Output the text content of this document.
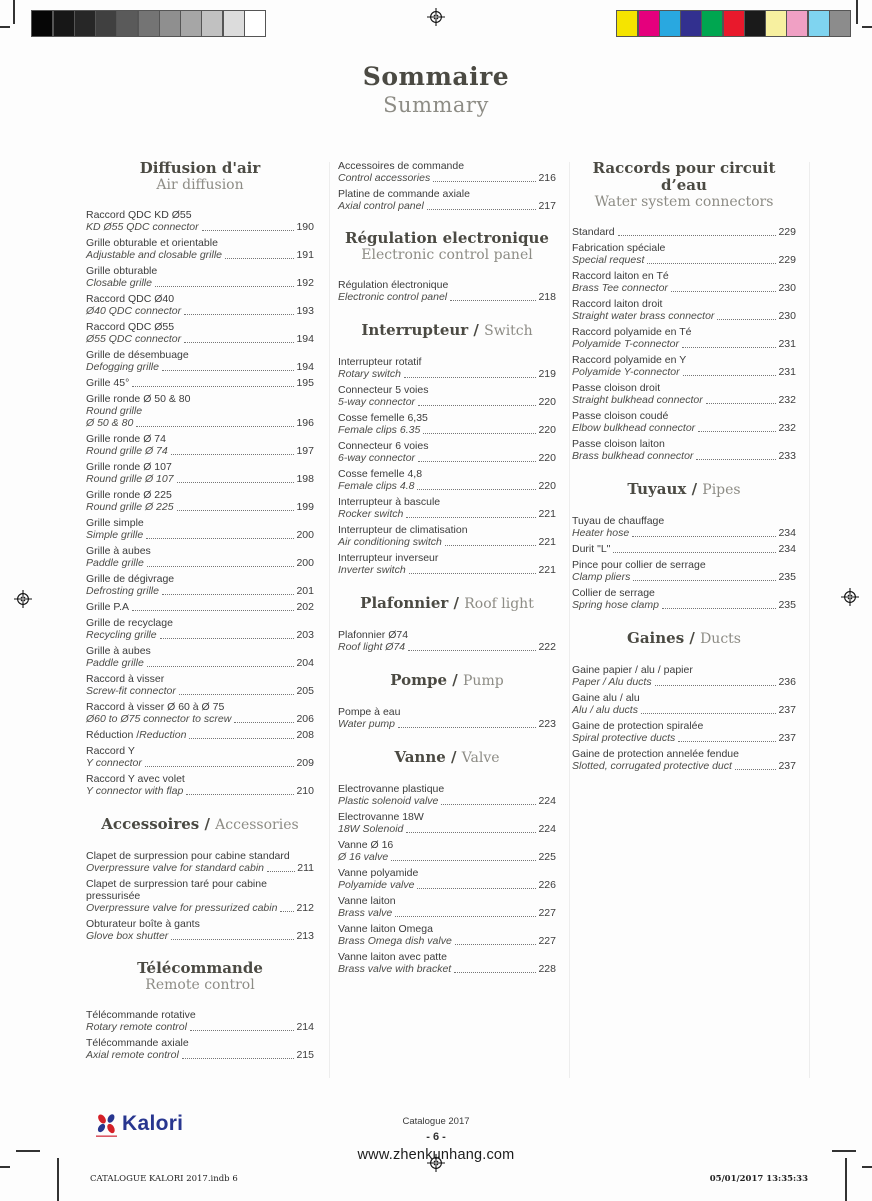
Sommaire
Summary
Diffusion d'air
Air diffusion
Raccord QDC KD Ø55
KD Ø55 QDC connector	190
Grille obturable et orientable
Adjustable and closable grille	191
Grille obturable
Closable grille	192
Raccord QDC Ø40
Ø40 QDC connector	193
Raccord QDC Ø55
Ø55 QDC connector	194
Grille de désembuage
Defogging grille	194
Grille 45°	195
Grille ronde Ø 50 & 80
Round grille
Ø 50 & 80	196
Grille ronde Ø 74
Round grille Ø 74	197
Grille ronde Ø 107
Round grille Ø 107	198
Grille ronde Ø 225
Round grille Ø 225	199
Grille simple
Simple grille	200
Grille à aubes
Paddle grille	200
Grille de dégivrage
Defrosting grille	201
Grille P.A	202
Grille de recyclage
Recycling grille	203
Grille à aubes
Paddle grille	204
Raccord à visser
Screw-fit connector	205
Raccord à visser Ø 60 à Ø 75
Ø60 to Ø75 connector to screw	206
Réduction / Reduction	208
Raccord Y
Y connector	209
Raccord Y avec volet
Y connector with flap	210
Accessoires / Accessories
Clapet de surpression pour cabine standard
Overpressure valve for standard cabin	211
Clapet de surpression taré pour cabine
pressurisée
Overpressure valve for pressurized cabin 212
Obturateur boîte à gants
Glove box shutter	213
Télécommande
Remote control
Télécommande rotative
Rotary remote control	214
Télécommande axiale
Axial remote control	215
Accessoires de commande
Control accessories	216
Platine de commande axiale
Axial control panel	217
Régulation electronique
Electronic control panel
Régulation électronique
Electronic control panel	218
Interrupteur / Switch
Interrupteur rotatif
Rotary switch	219
Connecteur 5 voies
5-way connector	220
Cosse femelle 6,35
Female clips 6.35	220
Connecteur 6 voies
6-way connector	220
Cosse femelle 4,8
Female clips 4.8	220
Interrupteur à bascule
Rocker switch	221
Interrupteur de climatisation
Air conditioning switch	221
Interrupteur inverseur
Inverter switch	221
Plafonnier / Roof light
Plafonnier Ø74
Roof light Ø74	222
Pompe / Pump
Pompe à eau
Water pump	223
Vanne / Valve
Electrovanne plastique
Plastic solenoid valve	224
Electrovanne 18W
18W Solenoid	224
Vanne Ø 16
Ø 16 valve	225
Vanne polyamide
Polyamide valve	226
Vanne laiton
Brass valve	227
Vanne laiton Omega
Brass Omega dish valve	227
Vanne laiton avec patte
Brass valve with bracket	228
Raccords pour circuit d’eau
Water system connectors
Standard	229
Fabrication spéciale
Special request	229
Raccord laiton en Té
Brass Tee connector	230
Raccord laiton droit
Straight water brass connector	230
Raccord polyamide en Té
Polyamide T-connector	231
Raccord polyamide en Y
Polyamide Y-connector	231
Passe cloison droit
Straight bulkhead connector	232
Passe cloison coudé
Elbow bulkhead connector	232
Passe cloison laiton
Brass bulkhead connector	233
Tuyaux / Pipes
Tuyau de chauffage
Heater hose	234
Durit "L"	234
Pince pour collier de serrage
Clamp pliers	235
Collier de serrage
Spring hose clamp	235
Gaines / Ducts
Gaine papier / alu / papier
Paper / Alu ducts	236
Gaine alu / alu
Alu / alu ducts	237
Gaine de protection spiralée
Spiral protective ducts	237
Gaine de protection annelée fendue
Slotted, corrugated protective duct	237
Kalori	Catalogue 2017
- 6 -
www.zhenkunhang.com
CATALOGUE KALORI 2017.indb 6	05/01/2017 13:35:33
